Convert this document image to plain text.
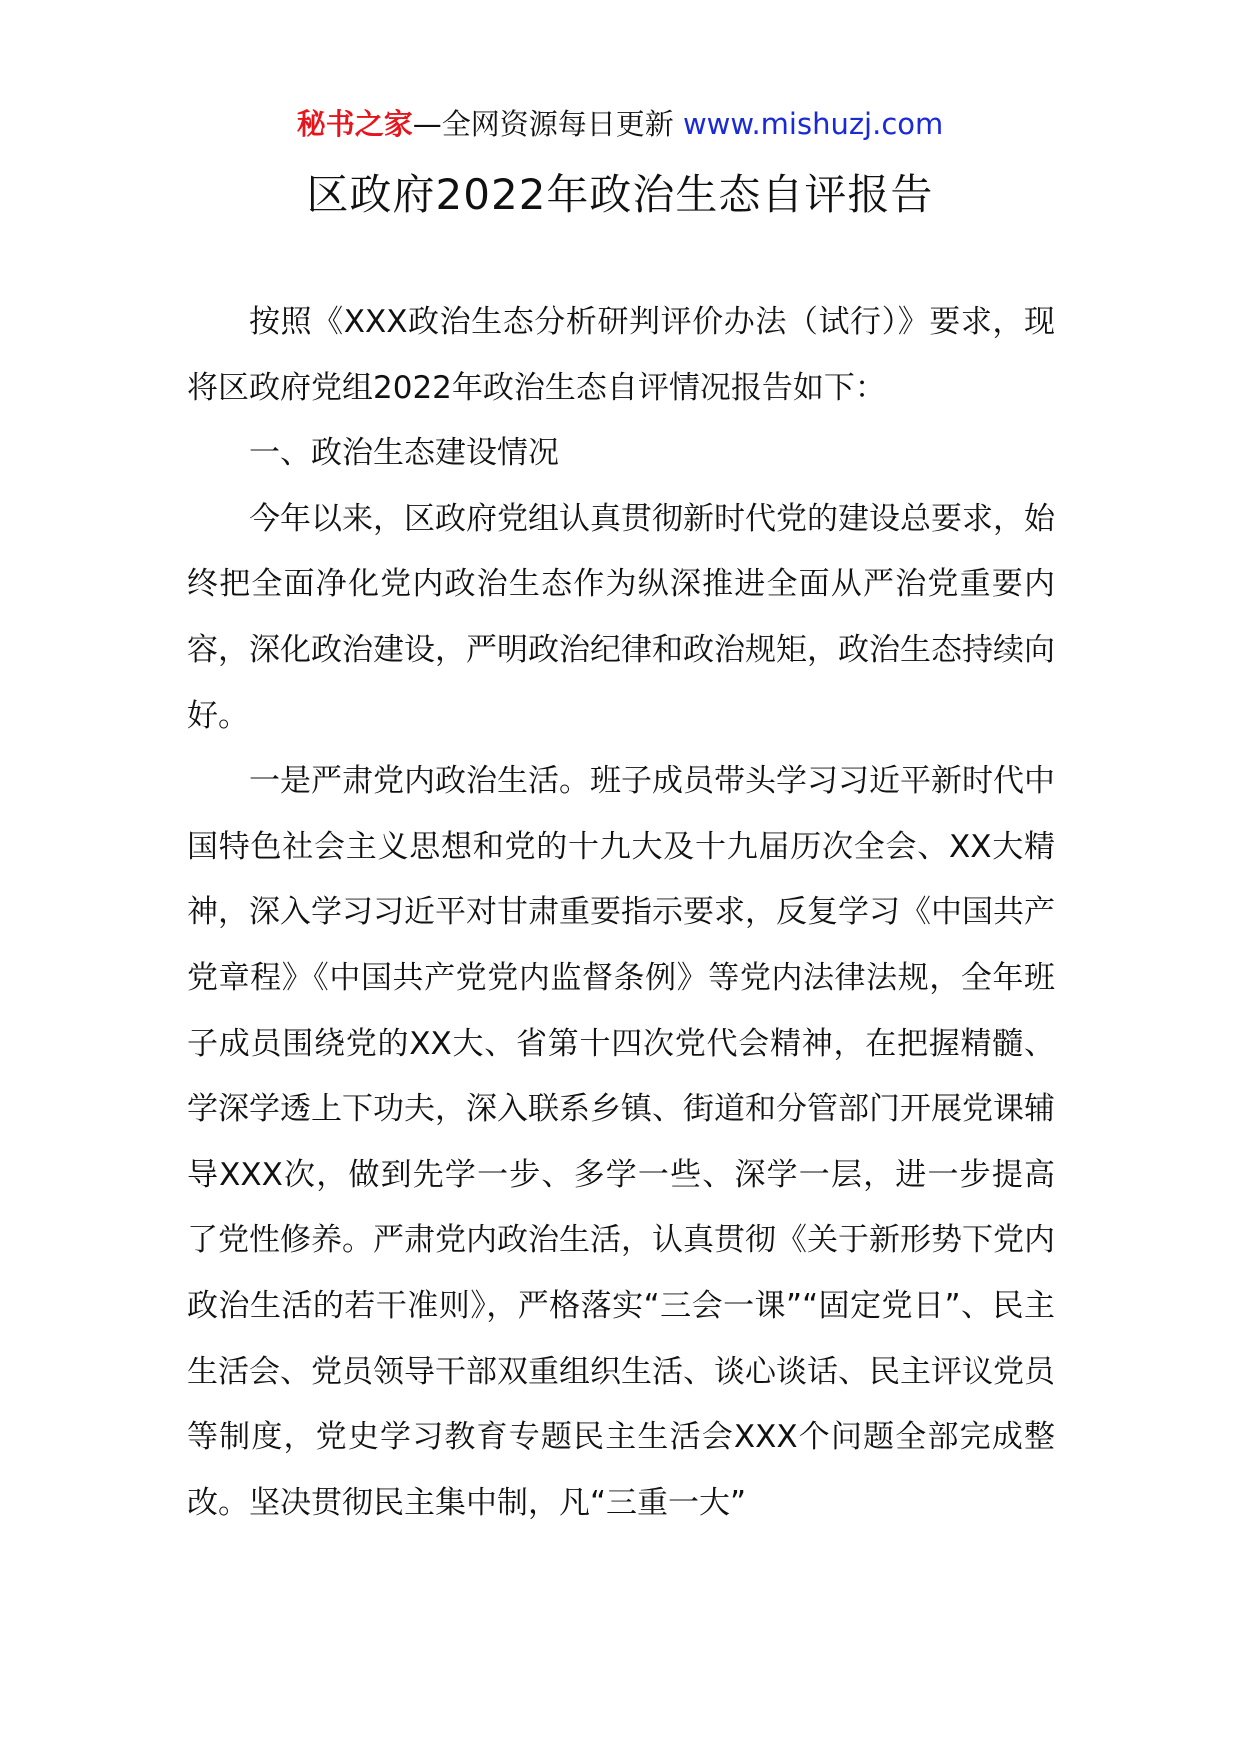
秘书之家—全网资源每日更新 www.mishuzj.com
区政府2022年政治生态自评报告

按照《XXX政治生态分析研判评价办法（试行）》要求，现将区政府党组2022年政治生态自评情况报告如下：

一、政治生态建设情况

今年以来，区政府党组认真贯彻新时代党的建设总要求，始终把全面净化党内政治生态作为纵深推进全面从严治党重要内容，深化政治建设，严明政治纪律和政治规矩，政治生态持续向好。

一是严肃党内政治生活。班子成员带头学习习近平新时代中国特色社会主义思想和党的十九大及十九届历次全会、XX大精神，深入学习习近平对甘肃重要指示要求，反复学习《中国共产党章程》《中国共产党党内监督条例》等党内法律法规，全年班子成员围绕党的XX大、省第十四次党代会精神，在把握精髓、学深学透上下功夫，深入联系乡镇、街道和分管部门开展党课辅导XXX次，做到先学一步、多学一些、深学一层，进一步提高了党性修养。严肃党内政治生活，认真贯彻《关于新形势下党内政治生活的若干准则》，严格落实“三会一课”“固定党日”、民主生活会、党员领导干部双重组织生活、谈心谈话、民主评议党员等制度，党史学习教育专题民主生活会XXX个问题全部完成整改。坚决贯彻民主集中制，凡“三重一大”
